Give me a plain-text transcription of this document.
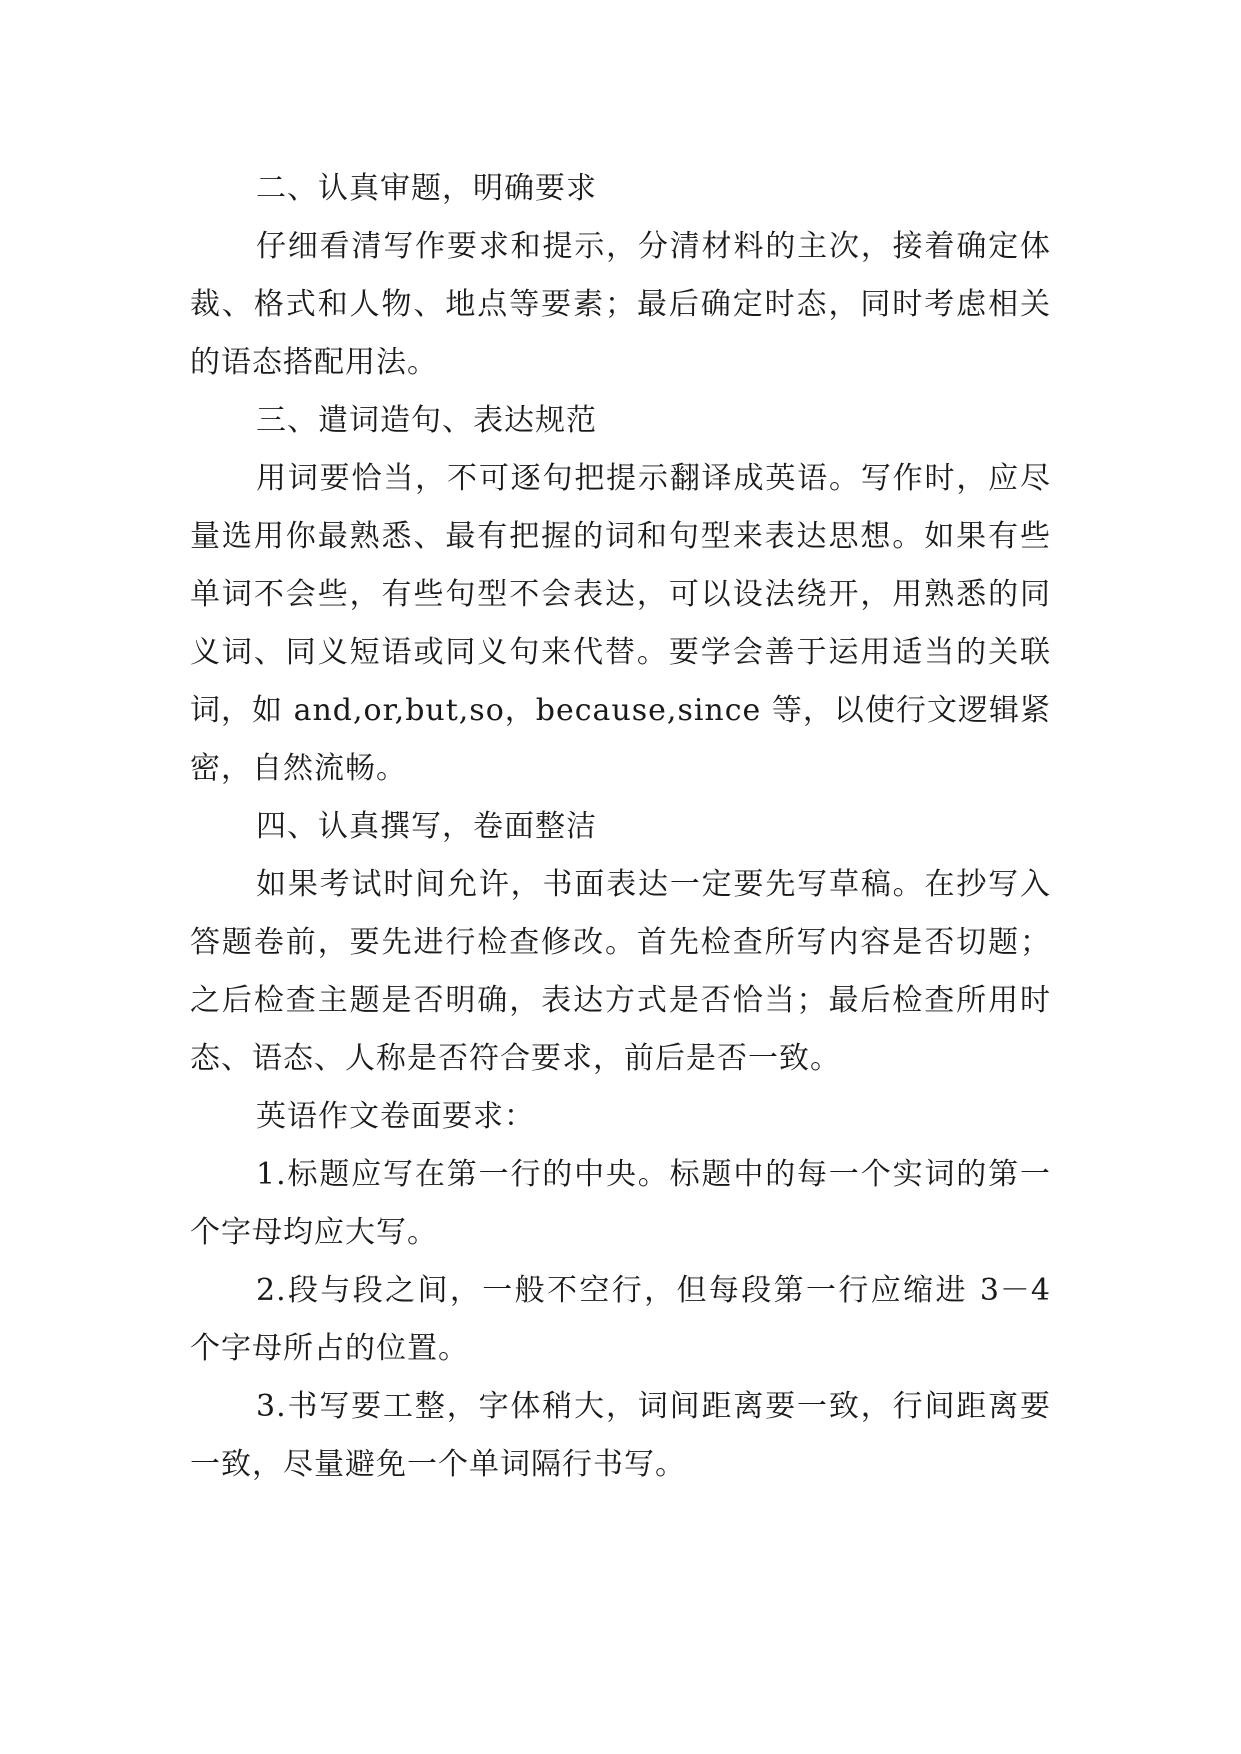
二、认真审题，明确要求

仔细看清写作要求和提示，分清材料的主次，接着确定体裁、格式和人物、地点等要素；最后确定时态，同时考虑相关的语态搭配用法。

三、遣词造句、表达规范

用词要恰当，不可逐句把提示翻译成英语。写作时，应尽量选用你最熟悉、最有把握的词和句型来表达思想。如果有些单词不会些，有些句型不会表达，可以设法绕开，用熟悉的同义词、同义短语或同义句来代替。要学会善于运用适当的关联词，如 and,or,but,so，because,since 等，以使行文逻辑紧密，自然流畅。

四、认真撰写，卷面整洁

如果考试时间允许，书面表达一定要先写草稿。在抄写入答题卷前，要先进行检查修改。首先检查所写内容是否切题；之后检查主题是否明确，表达方式是否恰当；最后检查所用时态、语态、人称是否符合要求，前后是否一致。

英语作文卷面要求：

1.标题应写在第一行的中央。标题中的每一个实词的第一个字母均应大写。

2.段与段之间，一般不空行，但每段第一行应缩进 3－4 个字母所占的位置。

3.书写要工整，字体稍大，词间距离要一致，行间距离要一致，尽量避免一个单词隔行书写。
